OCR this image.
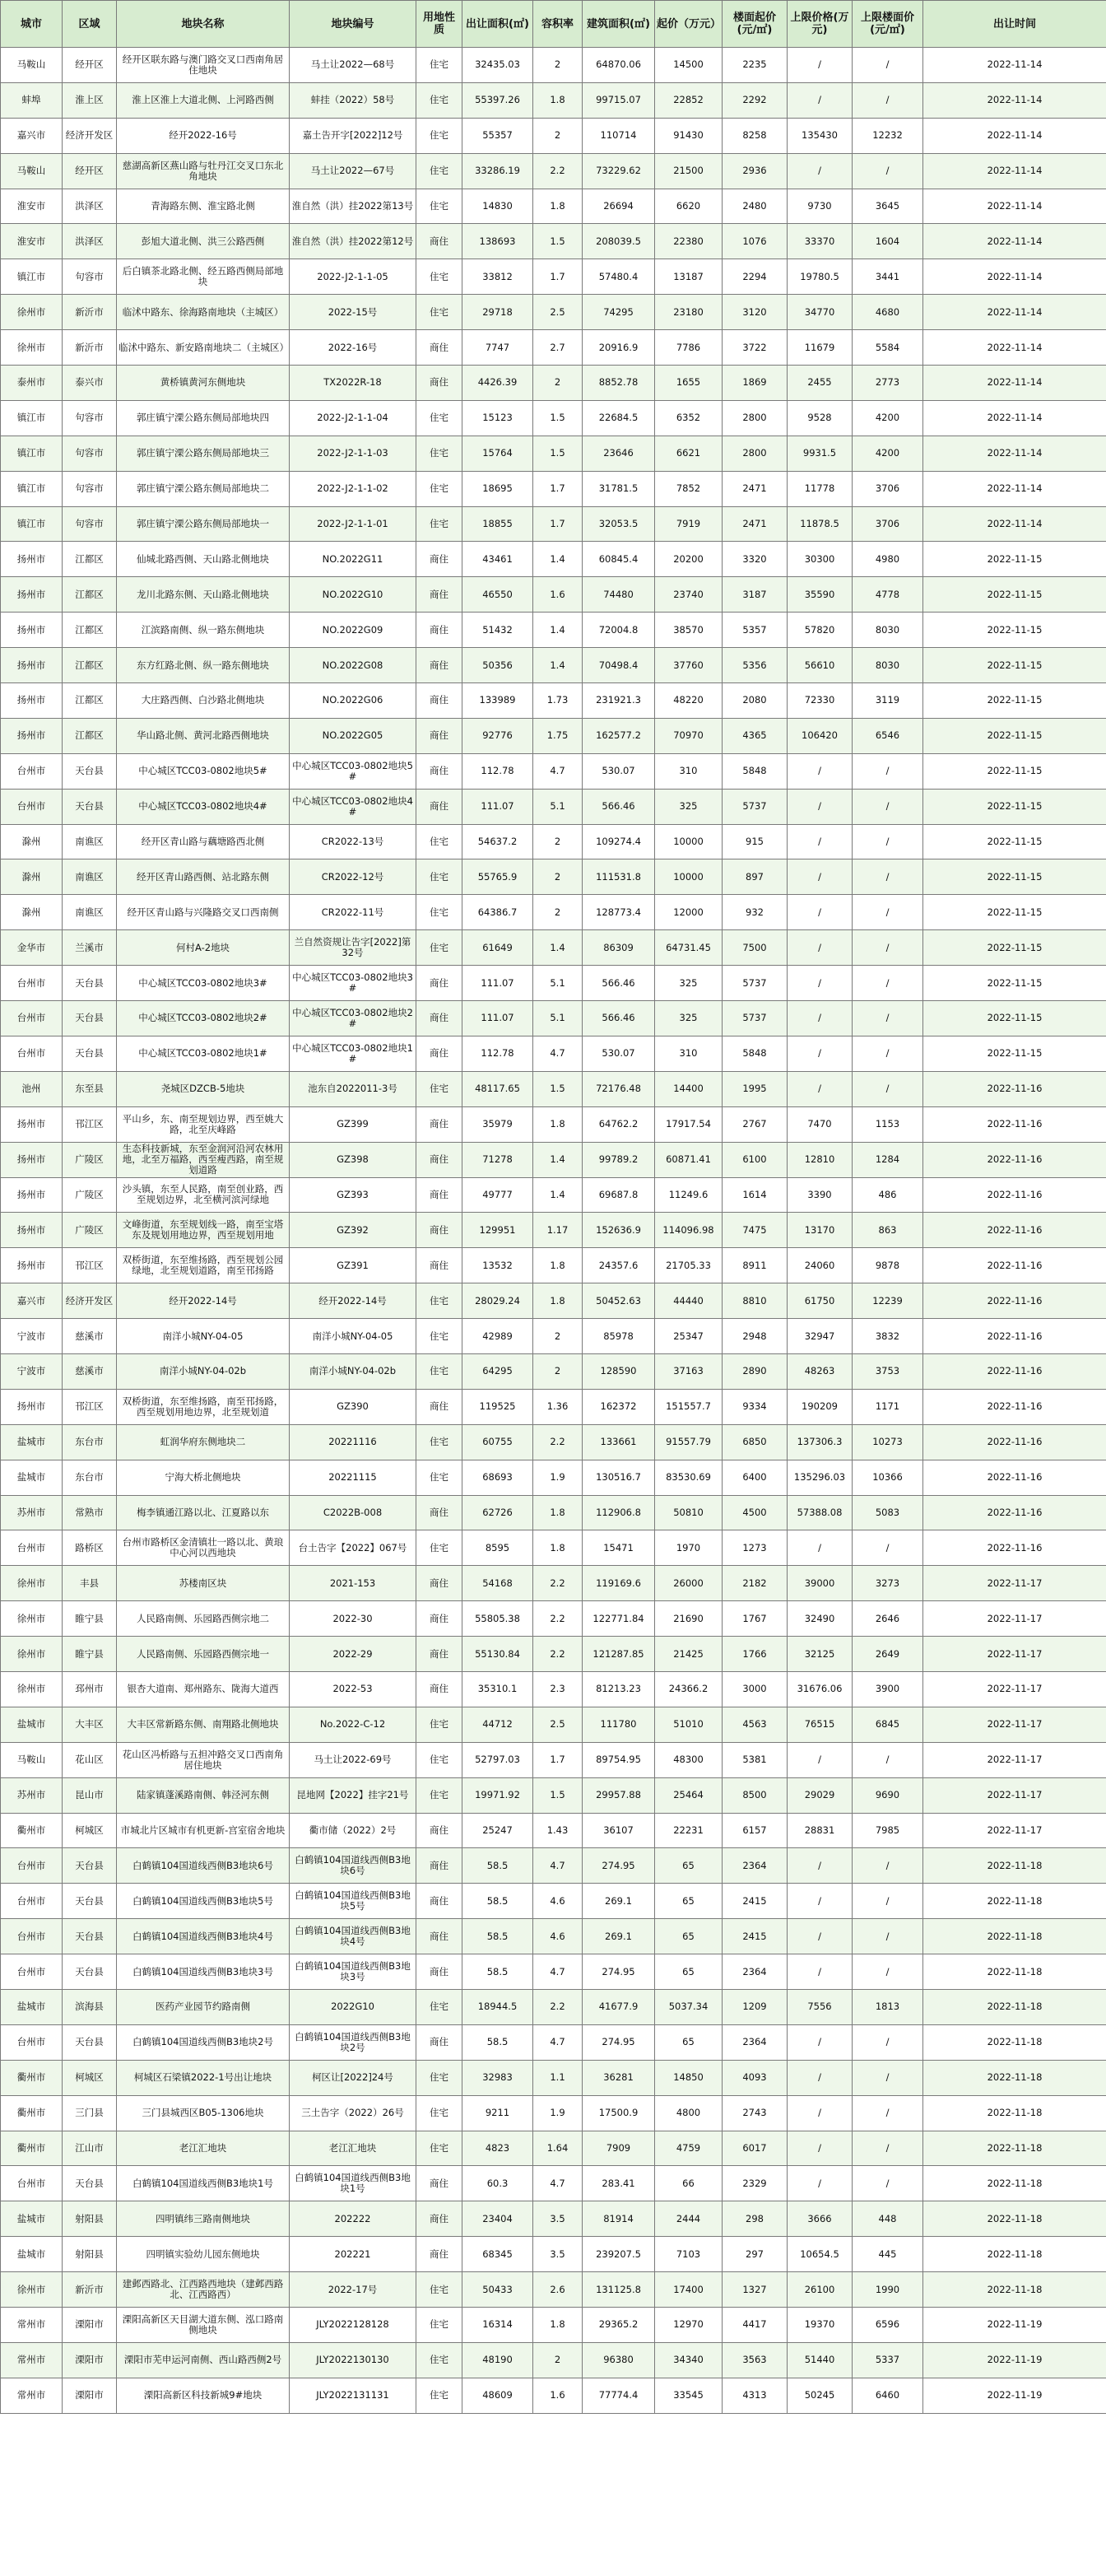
城市	区域	地块名称	地块编号	用地性质	出让面积(㎡)	容积率	建筑面积(㎡)	起价（万元）	楼面起价(元/㎡)	上限价格(万元)	上限楼面价(元/㎡)	出让时间
马鞍山	经开区	经开区联东路与澳门路交叉口西南角居住地块	马土让2022—68号	住宅	32435.03	2	64870.06	14500	2235	/	/	2022-11-14
蚌埠	淮上区	淮上区淮上大道北侧、上河路西侧	蚌挂（2022）58号	住宅	55397.26	1.8	99715.07	22852	2292	/	/	2022-11-14
嘉兴市	经济开发区	经开2022-16号	嘉土告开字[2022]12号	住宅	55357	2	110714	91430	8258	135430	12232	2022-11-14
马鞍山	经开区	慈湖高新区燕山路与牡丹江交叉口东北角地块	马土让2022—67号	住宅	33286.19	2.2	73229.62	21500	2936	/	/	2022-11-14
淮安市	洪泽区	青海路东侧、淮宝路北侧	淮自然（洪）挂2022第13号	住宅	14830	1.8	26694	6620	2480	9730	3645	2022-11-14
淮安市	洪泽区	彭旭大道北侧、洪三公路西侧	淮自然（洪）挂2022第12号	商住	138693	1.5	208039.5	22380	1076	33370	1604	2022-11-14
镇江市	句容市	后白镇茶北路北侧、经五路西侧局部地块	2022-J2-1-1-05	住宅	33812	1.7	57480.4	13187	2294	19780.5	3441	2022-11-14
徐州市	新沂市	临沭中路东、徐海路南地块（主城区）	2022-15号	住宅	29718	2.5	74295	23180	3120	34770	4680	2022-11-14
徐州市	新沂市	临沭中路东、新安路南地块二（主城区）	2022-16号	商住	7747	2.7	20916.9	7786	3722	11679	5584	2022-11-14
泰州市	泰兴市	黄桥镇黄河东侧地块	TX2022R-18	商住	4426.39	2	8852.78	1655	1869	2455	2773	2022-11-14
镇江市	句容市	郭庄镇宁溧公路东侧局部地块四	2022-J2-1-1-04	住宅	15123	1.5	22684.5	6352	2800	9528	4200	2022-11-14
镇江市	句容市	郭庄镇宁溧公路东侧局部地块三	2022-J2-1-1-03	住宅	15764	1.5	23646	6621	2800	9931.5	4200	2022-11-14
镇江市	句容市	郭庄镇宁溧公路东侧局部地块二	2022-J2-1-1-02	住宅	18695	1.7	31781.5	7852	2471	11778	3706	2022-11-14
镇江市	句容市	郭庄镇宁溧公路东侧局部地块一	2022-J2-1-1-01	住宅	18855	1.7	32053.5	7919	2471	11878.5	3706	2022-11-14
扬州市	江都区	仙城北路西侧、天山路北侧地块	NO.2022G11	商住	43461	1.4	60845.4	20200	3320	30300	4980	2022-11-15
扬州市	江都区	龙川北路东侧、天山路北侧地块	NO.2022G10	商住	46550	1.6	74480	23740	3187	35590	4778	2022-11-15
扬州市	江都区	江滨路南侧、纵一路东侧地块	NO.2022G09	商住	51432	1.4	72004.8	38570	5357	57820	8030	2022-11-15
扬州市	江都区	东方红路北侧、纵一路东侧地块	NO.2022G08	商住	50356	1.4	70498.4	37760	5356	56610	8030	2022-11-15
扬州市	江都区	大庄路西侧、白沙路北侧地块	NO.2022G06	商住	133989	1.73	231921.3	48220	2080	72330	3119	2022-11-15
扬州市	江都区	华山路北侧、黄河北路西侧地块	NO.2022G05	商住	92776	1.75	162577.2	70970	4365	106420	6546	2022-11-15
台州市	天台县	中心城区TCC03-0802地块5#	中心城区TCC03-0802地块5#	商住	112.78	4.7	530.07	310	5848	/	/	2022-11-15
台州市	天台县	中心城区TCC03-0802地块4#	中心城区TCC03-0802地块4#	商住	111.07	5.1	566.46	325	5737	/	/	2022-11-15
滁州	南谯区	经开区青山路与藕塘路西北侧	CR2022-13号	住宅	54637.2	2	109274.4	10000	915	/	/	2022-11-15
滁州	南谯区	经开区青山路西侧、站北路东侧	CR2022-12号	住宅	55765.9	2	111531.8	10000	897	/	/	2022-11-15
滁州	南谯区	经开区青山路与兴隆路交叉口西南侧	CR2022-11号	住宅	64386.7	2	128773.4	12000	932	/	/	2022-11-15
金华市	兰溪市	何村A-2地块	兰自然资规让告字[2022]第32号	住宅	61649	1.4	86309	64731.45	7500	/	/	2022-11-15
台州市	天台县	中心城区TCC03-0802地块3#	中心城区TCC03-0802地块3#	商住	111.07	5.1	566.46	325	5737	/	/	2022-11-15
台州市	天台县	中心城区TCC03-0802地块2#	中心城区TCC03-0802地块2#	商住	111.07	5.1	566.46	325	5737	/	/	2022-11-15
台州市	天台县	中心城区TCC03-0802地块1#	中心城区TCC03-0802地块1#	商住	112.78	4.7	530.07	310	5848	/	/	2022-11-15
池州	东至县	尧城区DZCB-5地块	池东自2022011-3号	住宅	48117.65	1.5	72176.48	14400	1995	/	/	2022-11-16
扬州市	邗江区	平山乡，东、南至规划边界，西至姚大路，北至庆峰路	GZ399	商住	35979	1.8	64762.2	17917.54	2767	7470	1153	2022-11-16
扬州市	广陵区	生态科技新城，东至金润河沿河农林用地，北至万福路，西至瘦西路，南至规划道路	GZ398	商住	71278	1.4	99789.2	60871.41	6100	12810	1284	2022-11-16
扬州市	广陵区	沙头镇，东至人民路，南至创业路，西至规划边界，北至横河滨河绿地	GZ393	商住	49777	1.4	69687.8	11249.6	1614	3390	486	2022-11-16
扬州市	广陵区	文峰街道，东至规划线一路，南至宝塔东及规划用地边界，西至规划用地	GZ392	商住	129951	1.17	152636.9	114096.98	7475	13170	863	2022-11-16
扬州市	邗江区	双桥街道，东至维扬路，西至规划公园绿地，北至规划道路，南至邗扬路	GZ391	商住	13532	1.8	24357.6	21705.33	8911	24060	9878	2022-11-16
嘉兴市	经济开发区	经开2022-14号	经开2022-14号	住宅	28029.24	1.8	50452.63	44440	8810	61750	12239	2022-11-16
宁波市	慈溪市	南洋小城NY-04-05	南洋小城NY-04-05	住宅	42989	2	85978	25347	2948	32947	3832	2022-11-16
宁波市	慈溪市	南洋小城NY-04-02b	南洋小城NY-04-02b	住宅	64295	2	128590	37163	2890	48263	3753	2022-11-16
扬州市	邗江区	双桥街道，东至维扬路，南至邗扬路，西至规划用地边界，北至规划道	GZ390	商住	119525	1.36	162372	151557.7	9334	190209	1171	2022-11-16
盐城市	东台市	虹润华府东侧地块二	20221116	住宅	60755	2.2	133661	91557.79	6850	137306.3	10273	2022-11-16
盐城市	东台市	宁海大桥北侧地块	20221115	住宅	68693	1.9	130516.7	83530.69	6400	135296.03	10366	2022-11-16
苏州市	常熟市	梅李镇通江路以北、江夏路以东	C2022B-008	商住	62726	1.8	112906.8	50810	4500	57388.08	5083	2022-11-16
台州市	路桥区	台州市路桥区金清镇壮一路以北、黄琅中心河以西地块	台土告字【2022】067号	住宅	8595	1.8	15471	1970	1273	/	/	2022-11-16
徐州市	丰县	苏楼南区块	2021-153	商住	54168	2.2	119169.6	26000	2182	39000	3273	2022-11-17
徐州市	睢宁县	人民路南侧、乐园路西侧宗地二	2022-30	商住	55805.38	2.2	122771.84	21690	1767	32490	2646	2022-11-17
徐州市	睢宁县	人民路南侧、乐园路西侧宗地一	2022-29	商住	55130.84	2.2	121287.85	21425	1766	32125	2649	2022-11-17
徐州市	邳州市	银杏大道南、郑州路东、陇海大道西	2022-53	商住	35310.1	2.3	81213.23	24366.2	3000	31676.06	3900	2022-11-17
盐城市	大丰区	大丰区常新路东侧、南翔路北侧地块	No.2022-C-12	住宅	44712	2.5	111780	51010	4563	76515	6845	2022-11-17
马鞍山	花山区	花山区冯桥路与五担冲路交叉口西南角居住地块	马土让2022-69号	住宅	52797.03	1.7	89754.95	48300	5381	/	/	2022-11-17
苏州市	昆山市	陆家镇蓬溪路南侧、韩泾河东侧	昆地网【2022】挂字21号	住宅	19971.92	1.5	29957.88	25464	8500	29029	9690	2022-11-17
衢州市	柯城区	市城北片区城市有机更新-宫室宿舍地块	衢市储（2022）2号	商住	25247	1.43	36107	22231	6157	28831	7985	2022-11-17
台州市	天台县	白鹤镇104国道线西侧B3地块6号	白鹤镇104国道线西侧B3地块6号	商住	58.5	4.7	274.95	65	2364	/	/	2022-11-18
台州市	天台县	白鹤镇104国道线西侧B3地块5号	白鹤镇104国道线西侧B3地块5号	商住	58.5	4.6	269.1	65	2415	/	/	2022-11-18
台州市	天台县	白鹤镇104国道线西侧B3地块4号	白鹤镇104国道线西侧B3地块4号	商住	58.5	4.6	269.1	65	2415	/	/	2022-11-18
台州市	天台县	白鹤镇104国道线西侧B3地块3号	白鹤镇104国道线西侧B3地块3号	商住	58.5	4.7	274.95	65	2364	/	/	2022-11-18
盐城市	滨海县	医药产业园节约路南侧	2022G10	住宅	18944.5	2.2	41677.9	5037.34	1209	7556	1813	2022-11-18
台州市	天台县	白鹤镇104国道线西侧B3地块2号	白鹤镇104国道线西侧B3地块2号	商住	58.5	4.7	274.95	65	2364	/	/	2022-11-18
衢州市	柯城区	柯城区石梁镇2022-1号出让地块	柯区让[2022]24号	住宅	32983	1.1	36281	14850	4093	/	/	2022-11-18
衢州市	三门县	三门县城西区B05-1306地块	三土告字（2022）26号	住宅	9211	1.9	17500.9	4800	2743	/	/	2022-11-18
衢州市	江山市	老江汇地块	老江汇地块	住宅	4823	1.64	7909	4759	6017	/	/	2022-11-18
台州市	天台县	白鹤镇104国道线西侧B3地块1号	白鹤镇104国道线西侧B3地块1号	商住	60.3	4.7	283.41	66	2329	/	/	2022-11-18
盐城市	射阳县	四明镇纬三路南侧地块	202222	商住	23404	3.5	81914	2444	298	3666	448	2022-11-18
盐城市	射阳县	四明镇实验幼儿园东侧地块	202221	商住	68345	3.5	239207.5	7103	297	10654.5	445	2022-11-18
徐州市	新沂市	建邺西路北、江西路西地块（建邺西路北、江西路西）	2022-17号	住宅	50433	2.6	131125.8	17400	1327	26100	1990	2022-11-18
常州市	溧阳市	溧阳高新区天目湖大道东侧、泓口路南侧地块	JLY2022128128	住宅	16314	1.8	29365.2	12970	4417	19370	6596	2022-11-19
常州市	溧阳市	溧阳市芜申运河南侧、西山路西侧2号	JLY2022130130	住宅	48190	2	96380	34340	3563	51440	5337	2022-11-19
常州市	溧阳市	溧阳高新区科技新城9#地块	JLY2022131131	住宅	48609	1.6	77774.4	33545	4313	50245	6460	2022-11-19
